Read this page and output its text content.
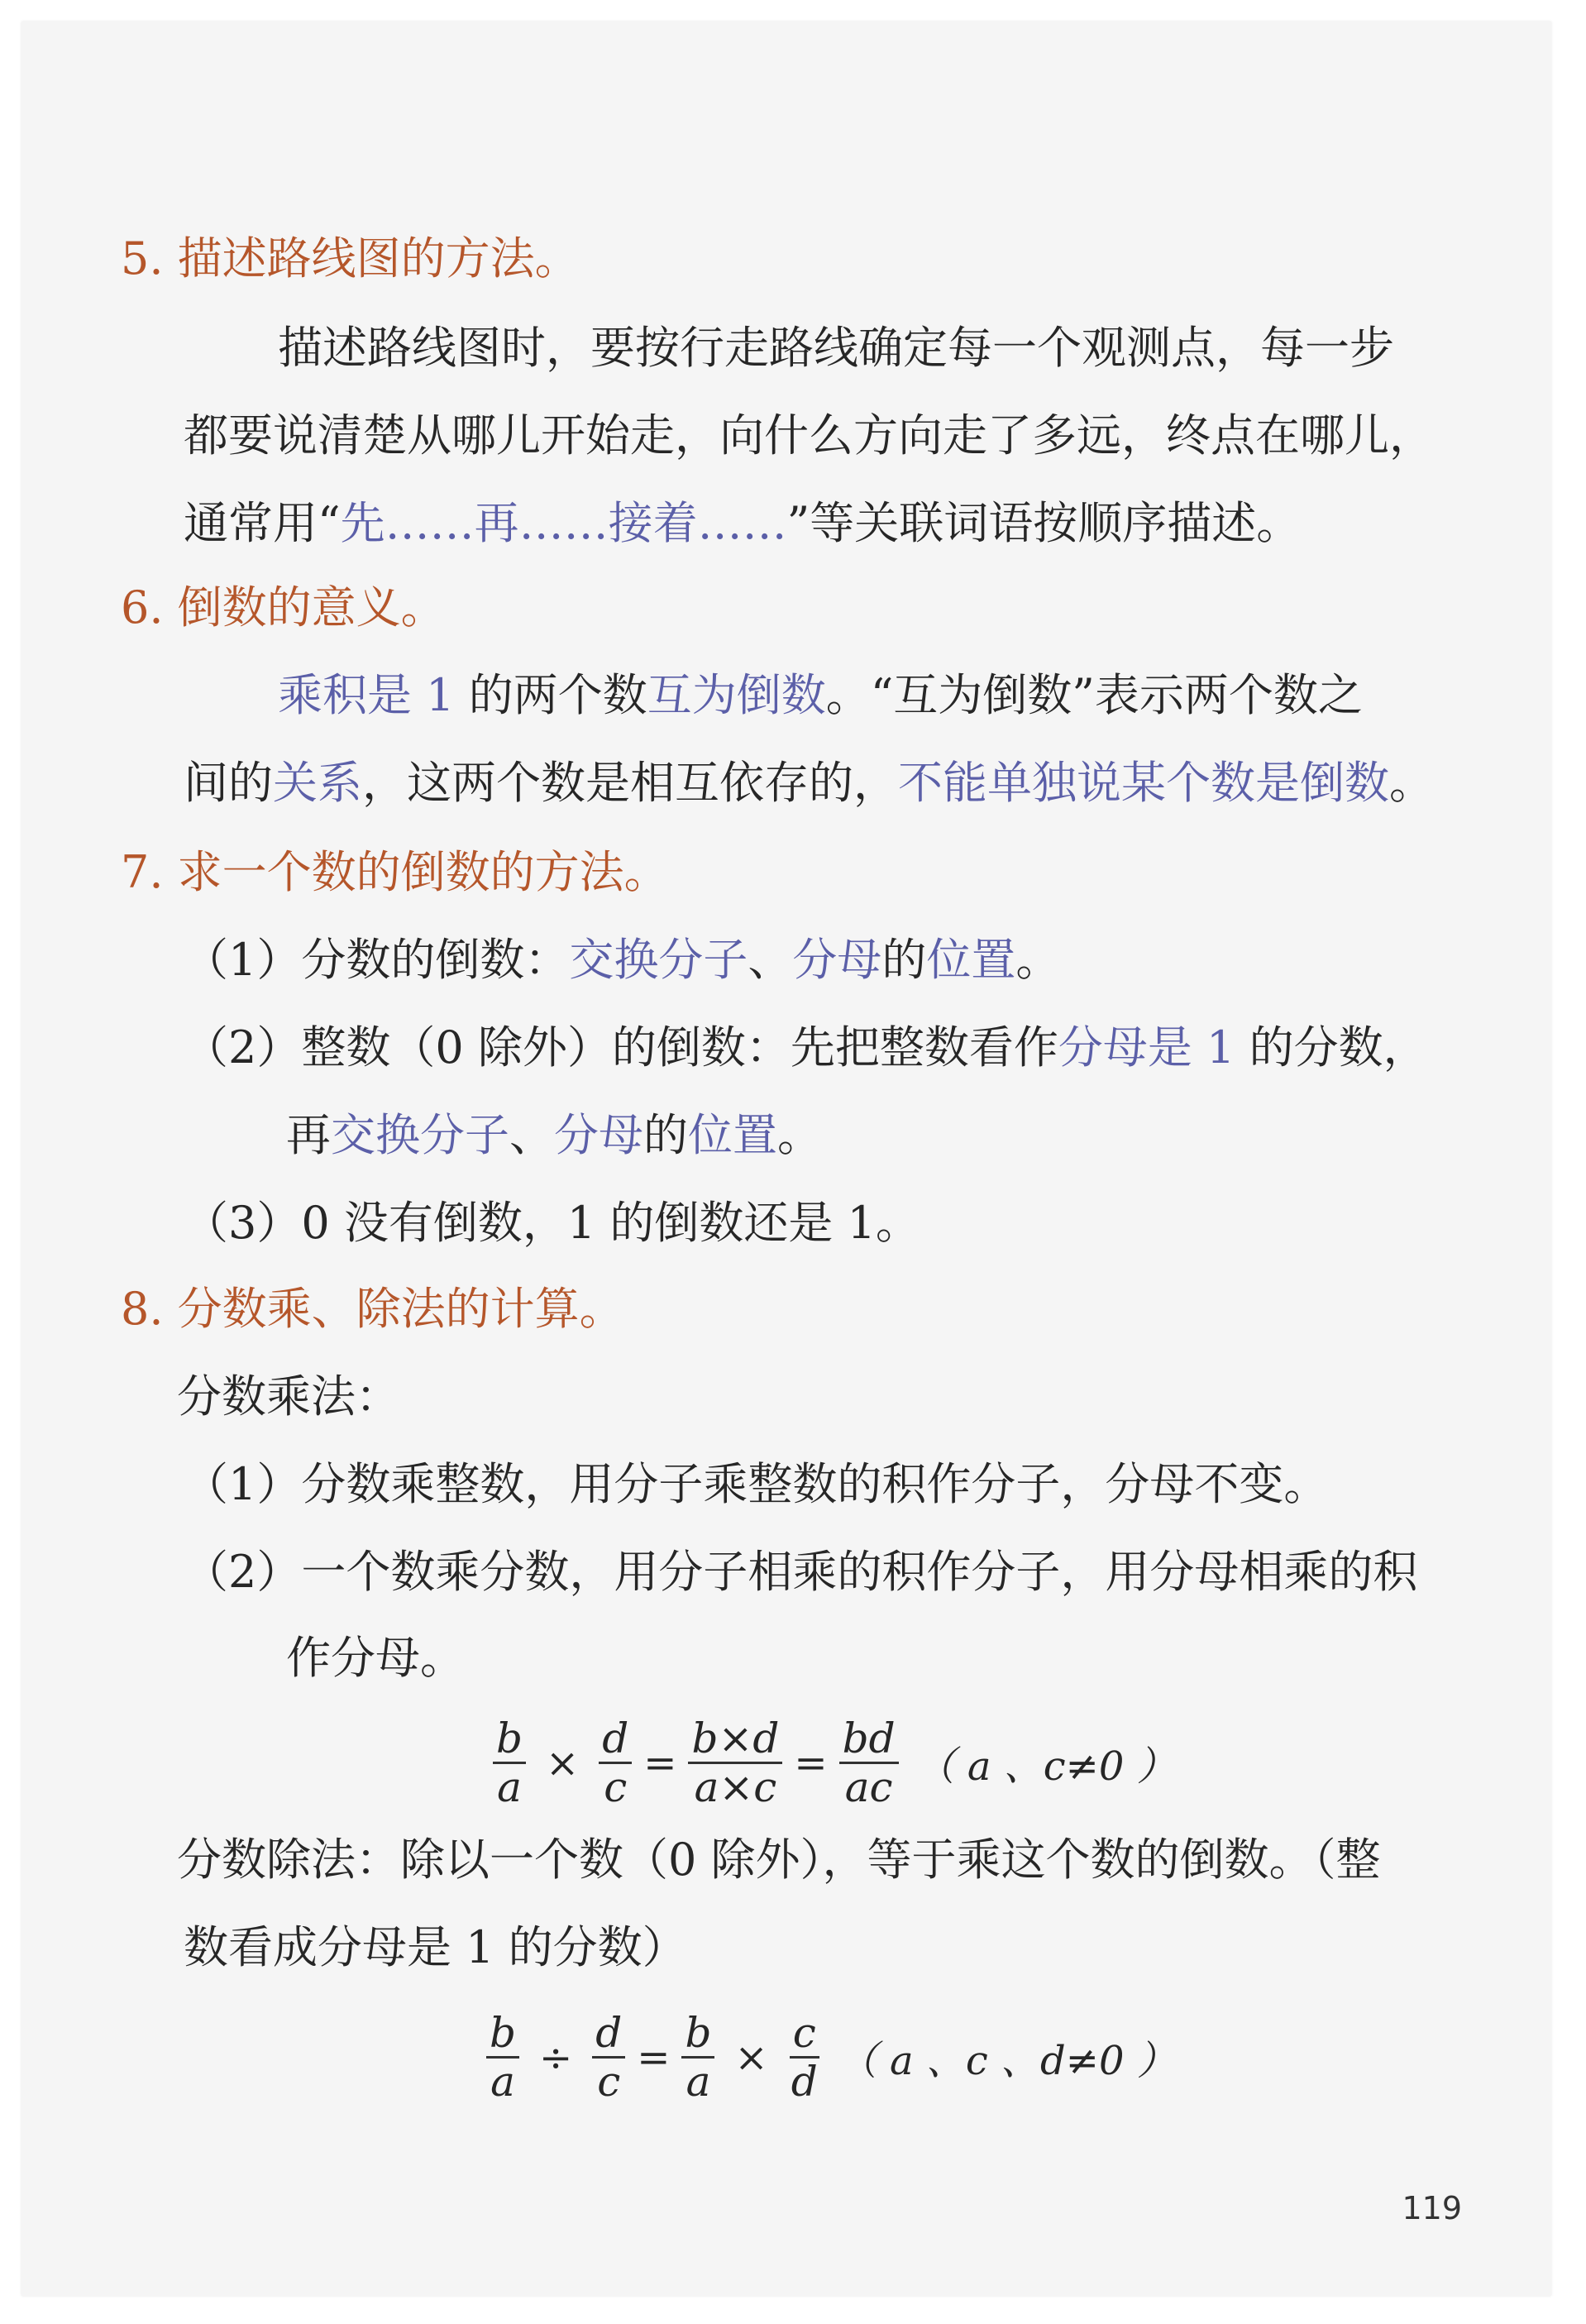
5. 描述路线图的方法。
描述路线图时，要按行走路线确定每一个观测点，每一步
都要说清楚从哪儿开始走，向什么方向走了多远，终点在哪儿，
通常用“先……再……接着……”等关联词语按顺序描述。
6. 倒数的意义。
乘积是 1 的两个数互为倒数。“互为倒数”表示两个数之
间的关系，这两个数是相互依存的，不能单独说某个数是倒数。
7. 求一个数的倒数的方法。
（1）分数的倒数：交换分子、分母的位置。
（2）整数（0 除外）的倒数：先把整数看作分母是 1 的分数，
再交换分子、分母的位置。
（3）0 没有倒数，1 的倒数还是 1。
8. 分数乘、除法的计算。
分数乘法：
（1）分数乘整数，用分子乘整数的积作分子，分母不变。
（2）一个数乘分数，用分子相乘的积作分子，用分母相乘的积
作分母。
$\frac{b}{a} \times \frac{d}{c} = \frac{b\times d}{a\times c} = \frac{bd}{ac}$ （ a 、c≠0 ）
分数除法：除以一个数（0 除外），等于乘这个数的倒数。（整
数看成分母是 1 的分数）
$\frac{b}{a} \div \frac{d}{c} = \frac{b}{a} \times \frac{c}{d}$ （ a 、c 、d≠0 ）
119
